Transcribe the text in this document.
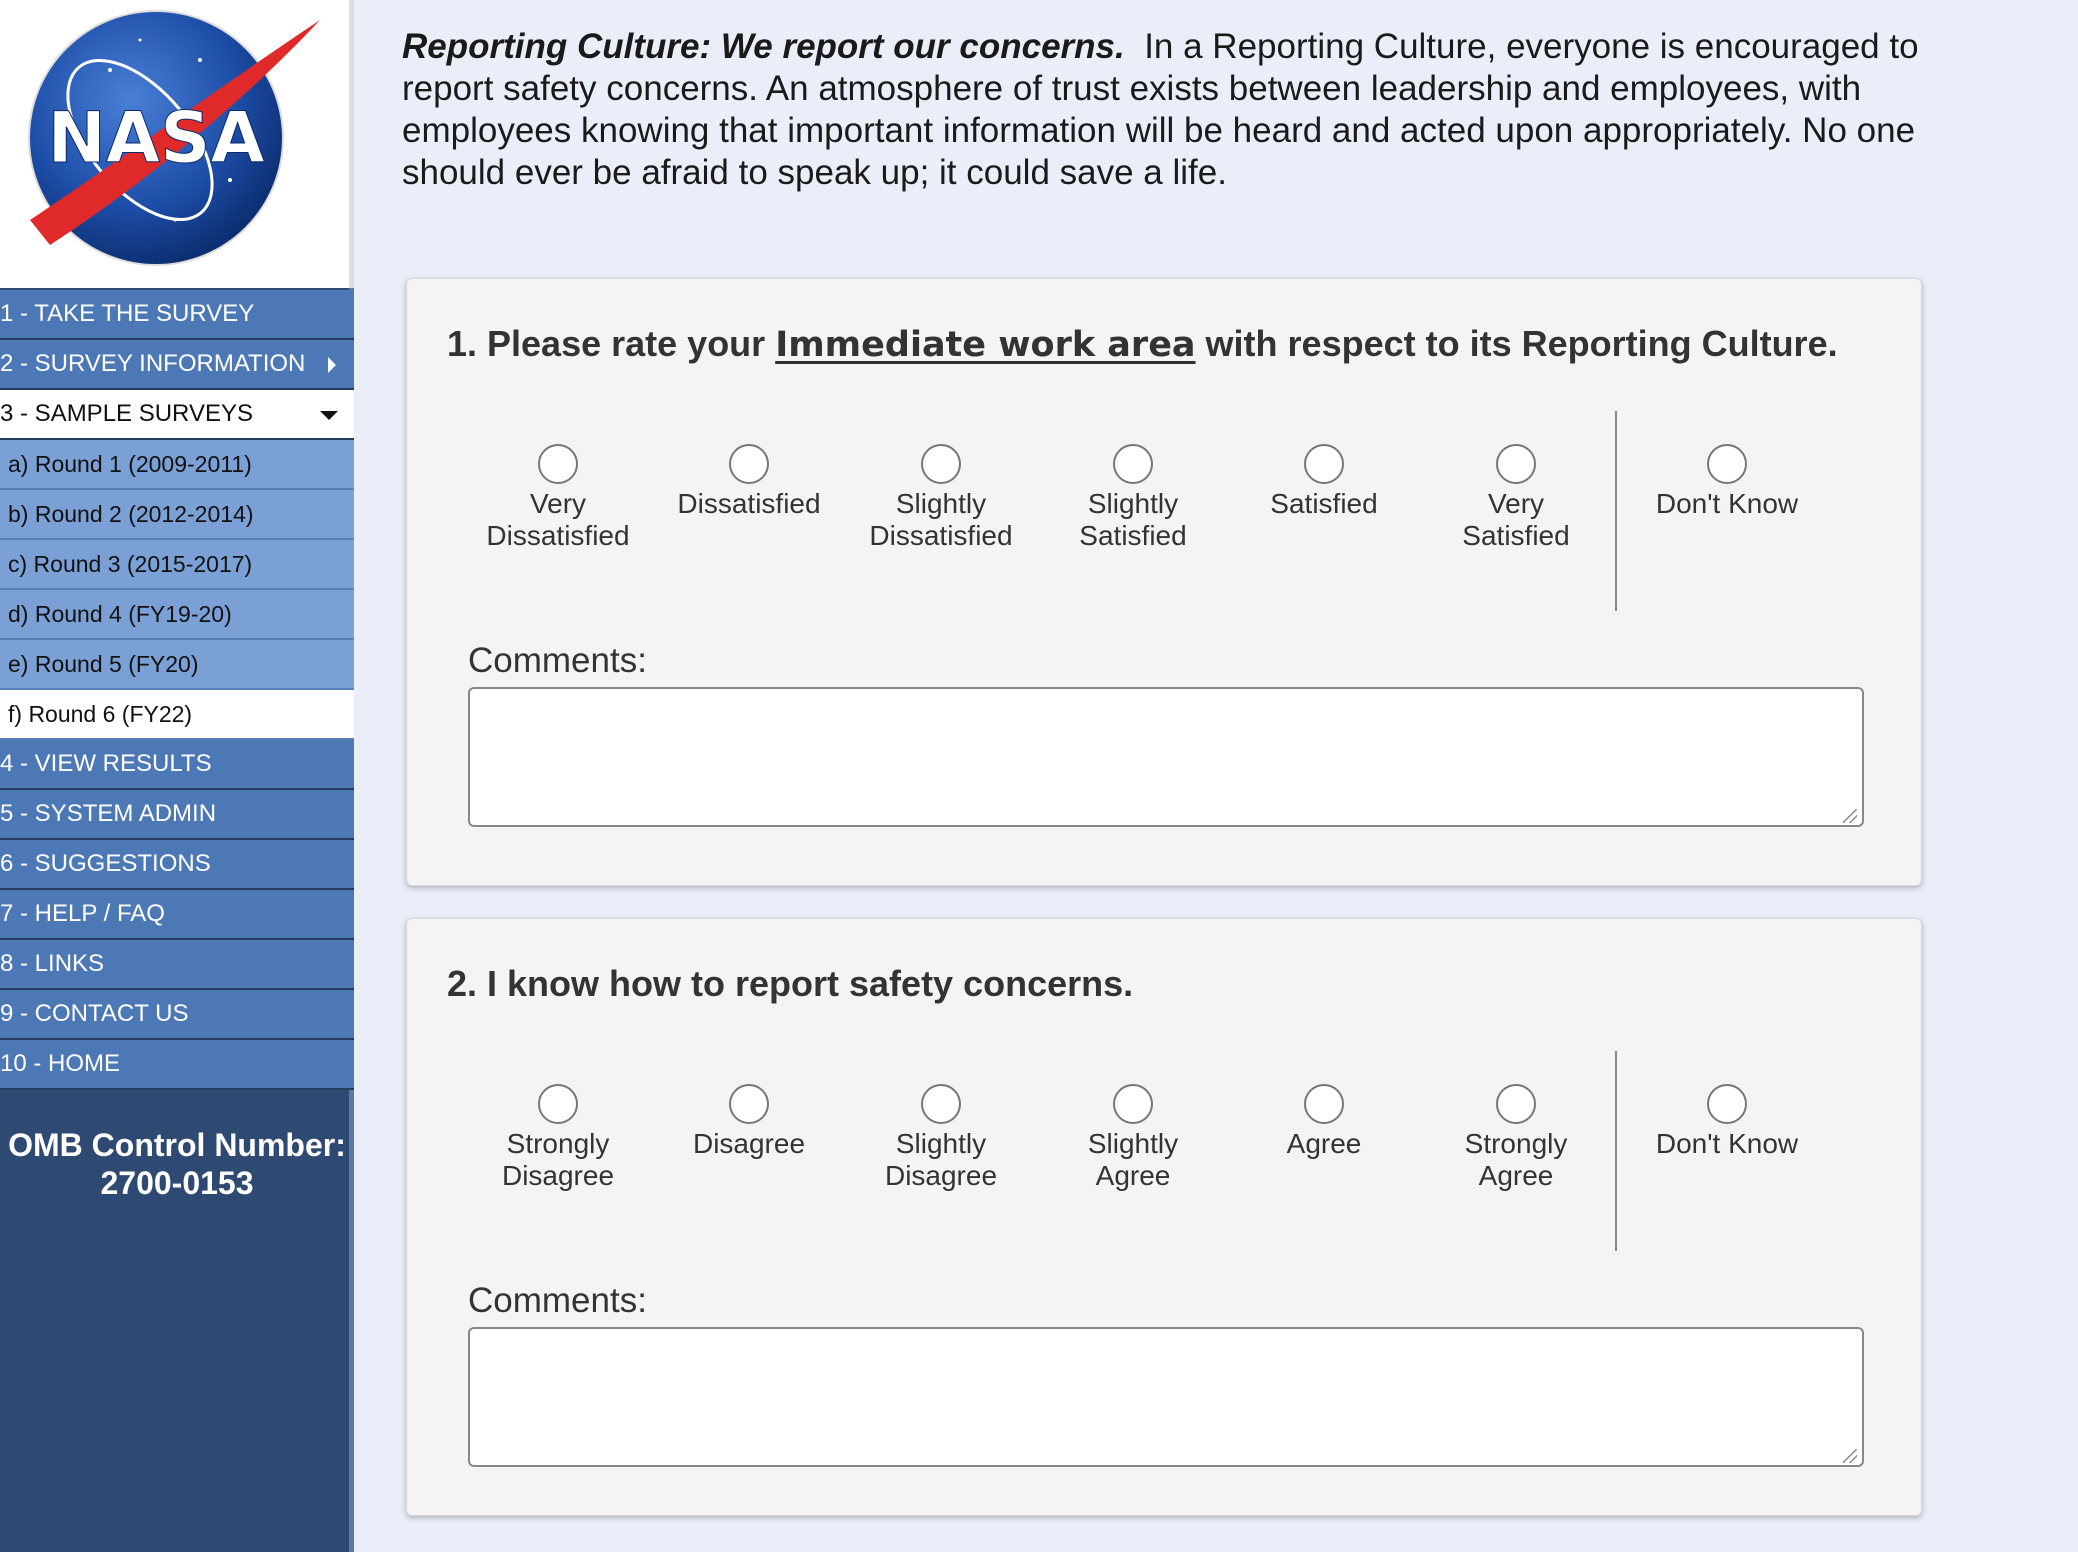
NASA
1 - TAKE THE SURVEY
2 - SURVEY INFORMATION
3 - SAMPLE SURVEYS
a) Round 1 (2009-2011)
b) Round 2 (2012-2014)
c) Round 3 (2015-2017)
d) Round 4 (FY19-20)
e) Round 5 (FY20)
f) Round 6 (FY22)
4 - VIEW RESULTS
5 - SYSTEM ADMIN
6 - SUGGESTIONS
7 - HELP / FAQ
8 - LINKS
9 - CONTACT US
10 - HOME
OMB Control Number:
2700-0153

Reporting Culture: We report our concerns. In a Reporting Culture, everyone is encouraged to report safety concerns. An atmosphere of trust exists between leadership and employees, with employees knowing that important information will be heard and acted upon appropriately. No one should ever be afraid to speak up; it could save a life.

1. Please rate your Immediate work area with respect to its Reporting Culture.
Very
Dissatisfied
Dissatisfied	Slightly
Dissatisfied
Slightly
Satisfied
Satisfied	Very
Satisfied
Don't Know

Comments:

2. I know how to report safety concerns.
Strongly
Disagree
Disagree	Slightly
Disagree
Slightly
Agree
Agree	Strongly
Agree
Don't Know

Comments:
